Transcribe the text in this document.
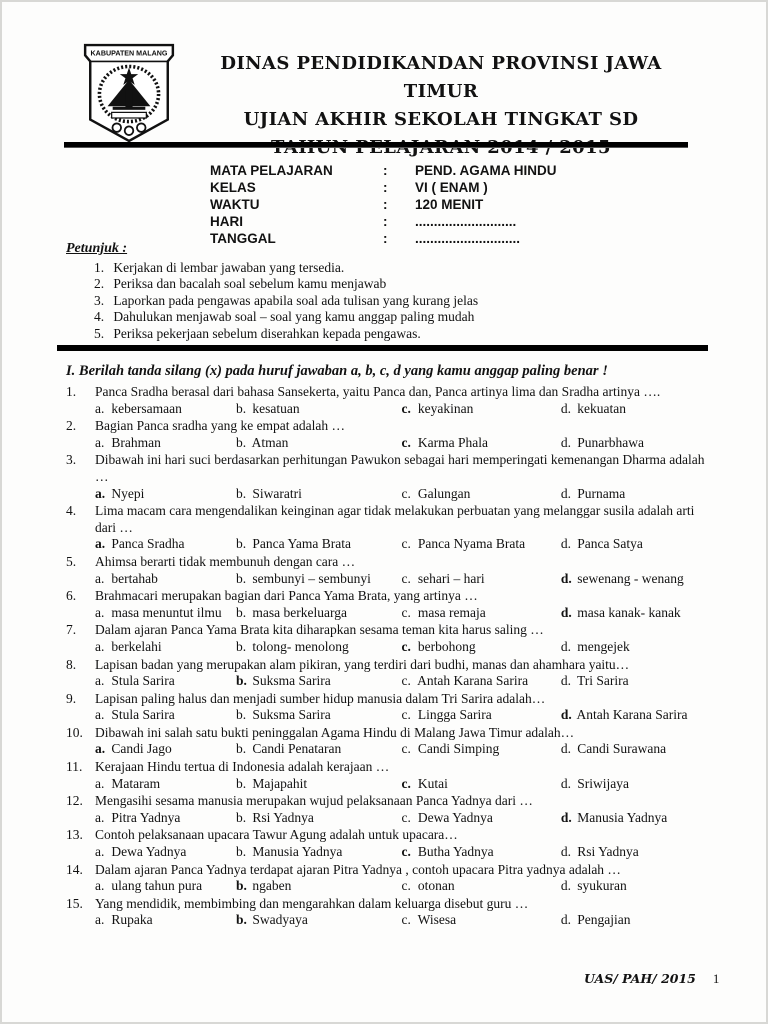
KABUPATEN MALANG	DINAS PENDIDIKANDAN PROVINSI JAWA TIMUR
UJIAN AKHIR SEKOLAH TINGKAT SD
MATA PELAJARAN	:	PEND. AGAMA HINDU
KELAS	:	VI ( ENAM )
WAKTU	:	120 MENIT
HARI	:	...........................
TANGGAL	:	............................
Petunjuk :
1. Kerjakan di lembar jawaban yang tersedia.
2. Periksa dan bacalah soal sebelum kamu menjawab
3. Laporkan pada pengawas apabila soal ada tulisan yang kurang jelas
4. Dahulukan menjawab soal – soal yang kamu anggap paling mudah
5. Periksa pekerjaan sebelum diserahkan kepada pengawas.
I. Berilah tanda silang (x) pada huruf jawaban a, b, c, d yang kamu anggap paling benar !
1.	Panca Sradha berasal dari bahasa Sansekerta, yaitu Panca dan, Panca artinya lima dan Sradha artinya ….
a. kebersamaan	b. kesatuan	c. keyakinan	d. kekuatan
2.	Bagian Panca sradha yang ke empat adalah …
a. Brahman	b. Atman	c. Karma Phala	d. Punarbhawa
3.	Dibawah ini hari suci berdasarkan perhitungan Pawukon sebagai hari memperingati kemenangan Dharma adalah …
a. Nyepi	b. Siwaratri	c. Galungan	d. Purnama
4.	Lima macam cara mengendalikan keinginan agar tidak melakukan perbuatan yang melanggar susila adalah arti dari …
a. Panca Sradha	b. Panca Yama Brata	c. Panca Nyama Brata	d. Panca Satya
5.	Ahimsa berarti tidak membunuh dengan cara …
a. bertahab	b. sembunyi – sembunyi	c. sehari – hari	d. sewenang - wenang
6.	Brahmacari merupakan bagian dari Panca Yama Brata, yang artinya …
a. masa menuntut ilmu	b. masa berkeluarga	c. masa remaja	d. masa kanak- kanak
7.	Dalam ajaran Panca Yama Brata kita diharapkan sesama teman kita harus saling …
a. berkelahi	b. tolong- menolong	c. berbohong	d. mengejek
8.	Lapisan badan yang merupakan alam pikiran, yang terdiri dari budhi, manas dan ahamhara yaitu…
a. Stula Sarira	b. Suksma Sarira	c. Antah Karana Sarira	d. Tri Sarira
9.	Lapisan paling halus dan menjadi sumber hidup manusia dalam Tri Sarira adalah…
a. Stula Sarira	b. Suksma Sarira	c. Lingga Sarira	d. Antah Karana Sarira
10. Dibawah ini salah satu bukti peninggalan Agama Hindu di Malang Jawa Timur adalah…
a. Candi Jago	b. Candi Penataran	c. Candi Simping	d. Candi Surawana
11. Kerajaan Hindu tertua di Indonesia adalah kerajaan …
a. Mataram	b. Majapahit	c. Kutai	d. Sriwijaya
12. Mengasihi sesama manusia merupakan wujud pelaksanaan Panca Yadnya dari …
a. Pitra Yadnya	b. Rsi Yadnya	c. Dewa Yadnya	d. Manusia Yadnya
13. Contoh pelaksanaan upacara Tawur Agung adalah untuk upacara…
a. Dewa Yadnya	b. Manusia Yadnya	c. Butha Yadnya	d. Rsi Yadnya
14. Dalam ajaran Panca Yadnya terdapat ajaran Pitra Yadnya , contoh upacara Pitra yadnya adalah …
a. ulang tahun pura	b. ngaben	c. otonan	d. syukuran
15. Yang mendidik, membimbing dan mengarahkan dalam keluarga disebut guru …
a. Rupaka	b. Swadyaya	c. Wisesa	d. Pengajian
UAS/ PAH/ 2015 1
